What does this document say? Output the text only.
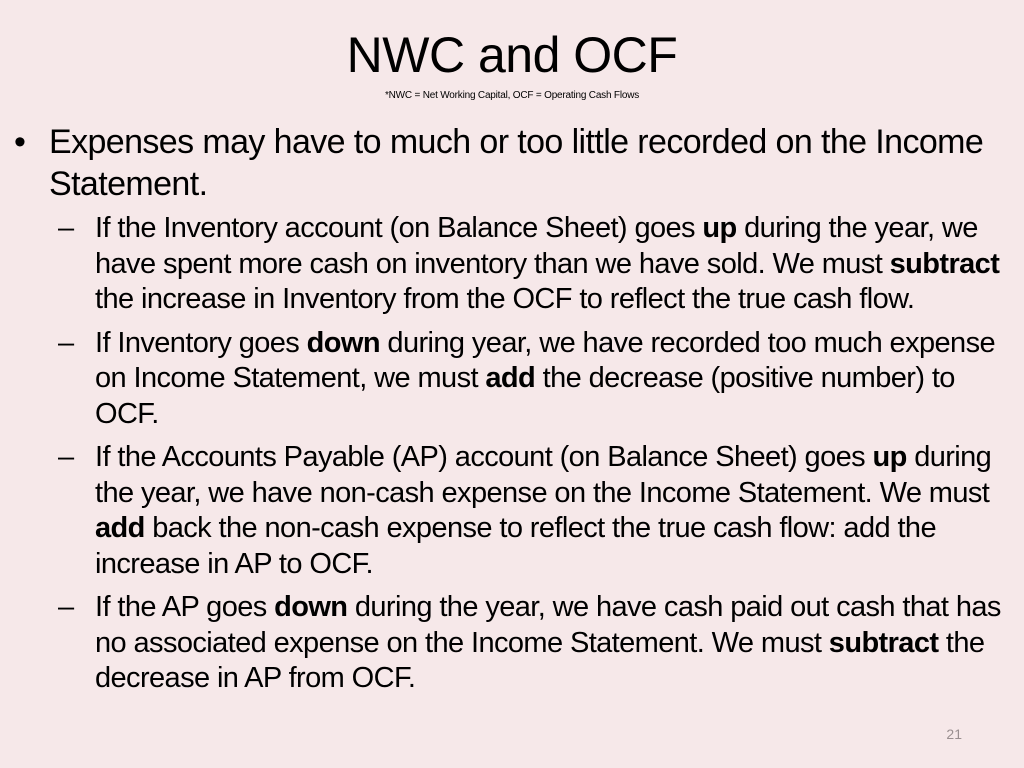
NWC and OCF
*NWC = Net Working Capital, OCF = Operating Cash Flows
• Expenses may have to much or too little recorded on the Income Statement.
– If the Inventory account (on Balance Sheet) goes up during the year, we have spent more cash on inventory than we have sold. We must subtract the increase in Inventory from the OCF to reflect the true cash flow.
– If Inventory goes down during year, we have recorded too much expense on Income Statement, we must add the decrease (positive number) to OCF.
– If the Accounts Payable (AP) account (on Balance Sheet) goes up during the year, we have non-cash expense on the Income Statement. We must add back the non-cash expense to reflect the true cash flow: add the increase in AP to OCF.
– If the AP goes down during the year, we have cash paid out cash that has no associated expense on the Income Statement. We must subtract the decrease in AP from OCF.
21
